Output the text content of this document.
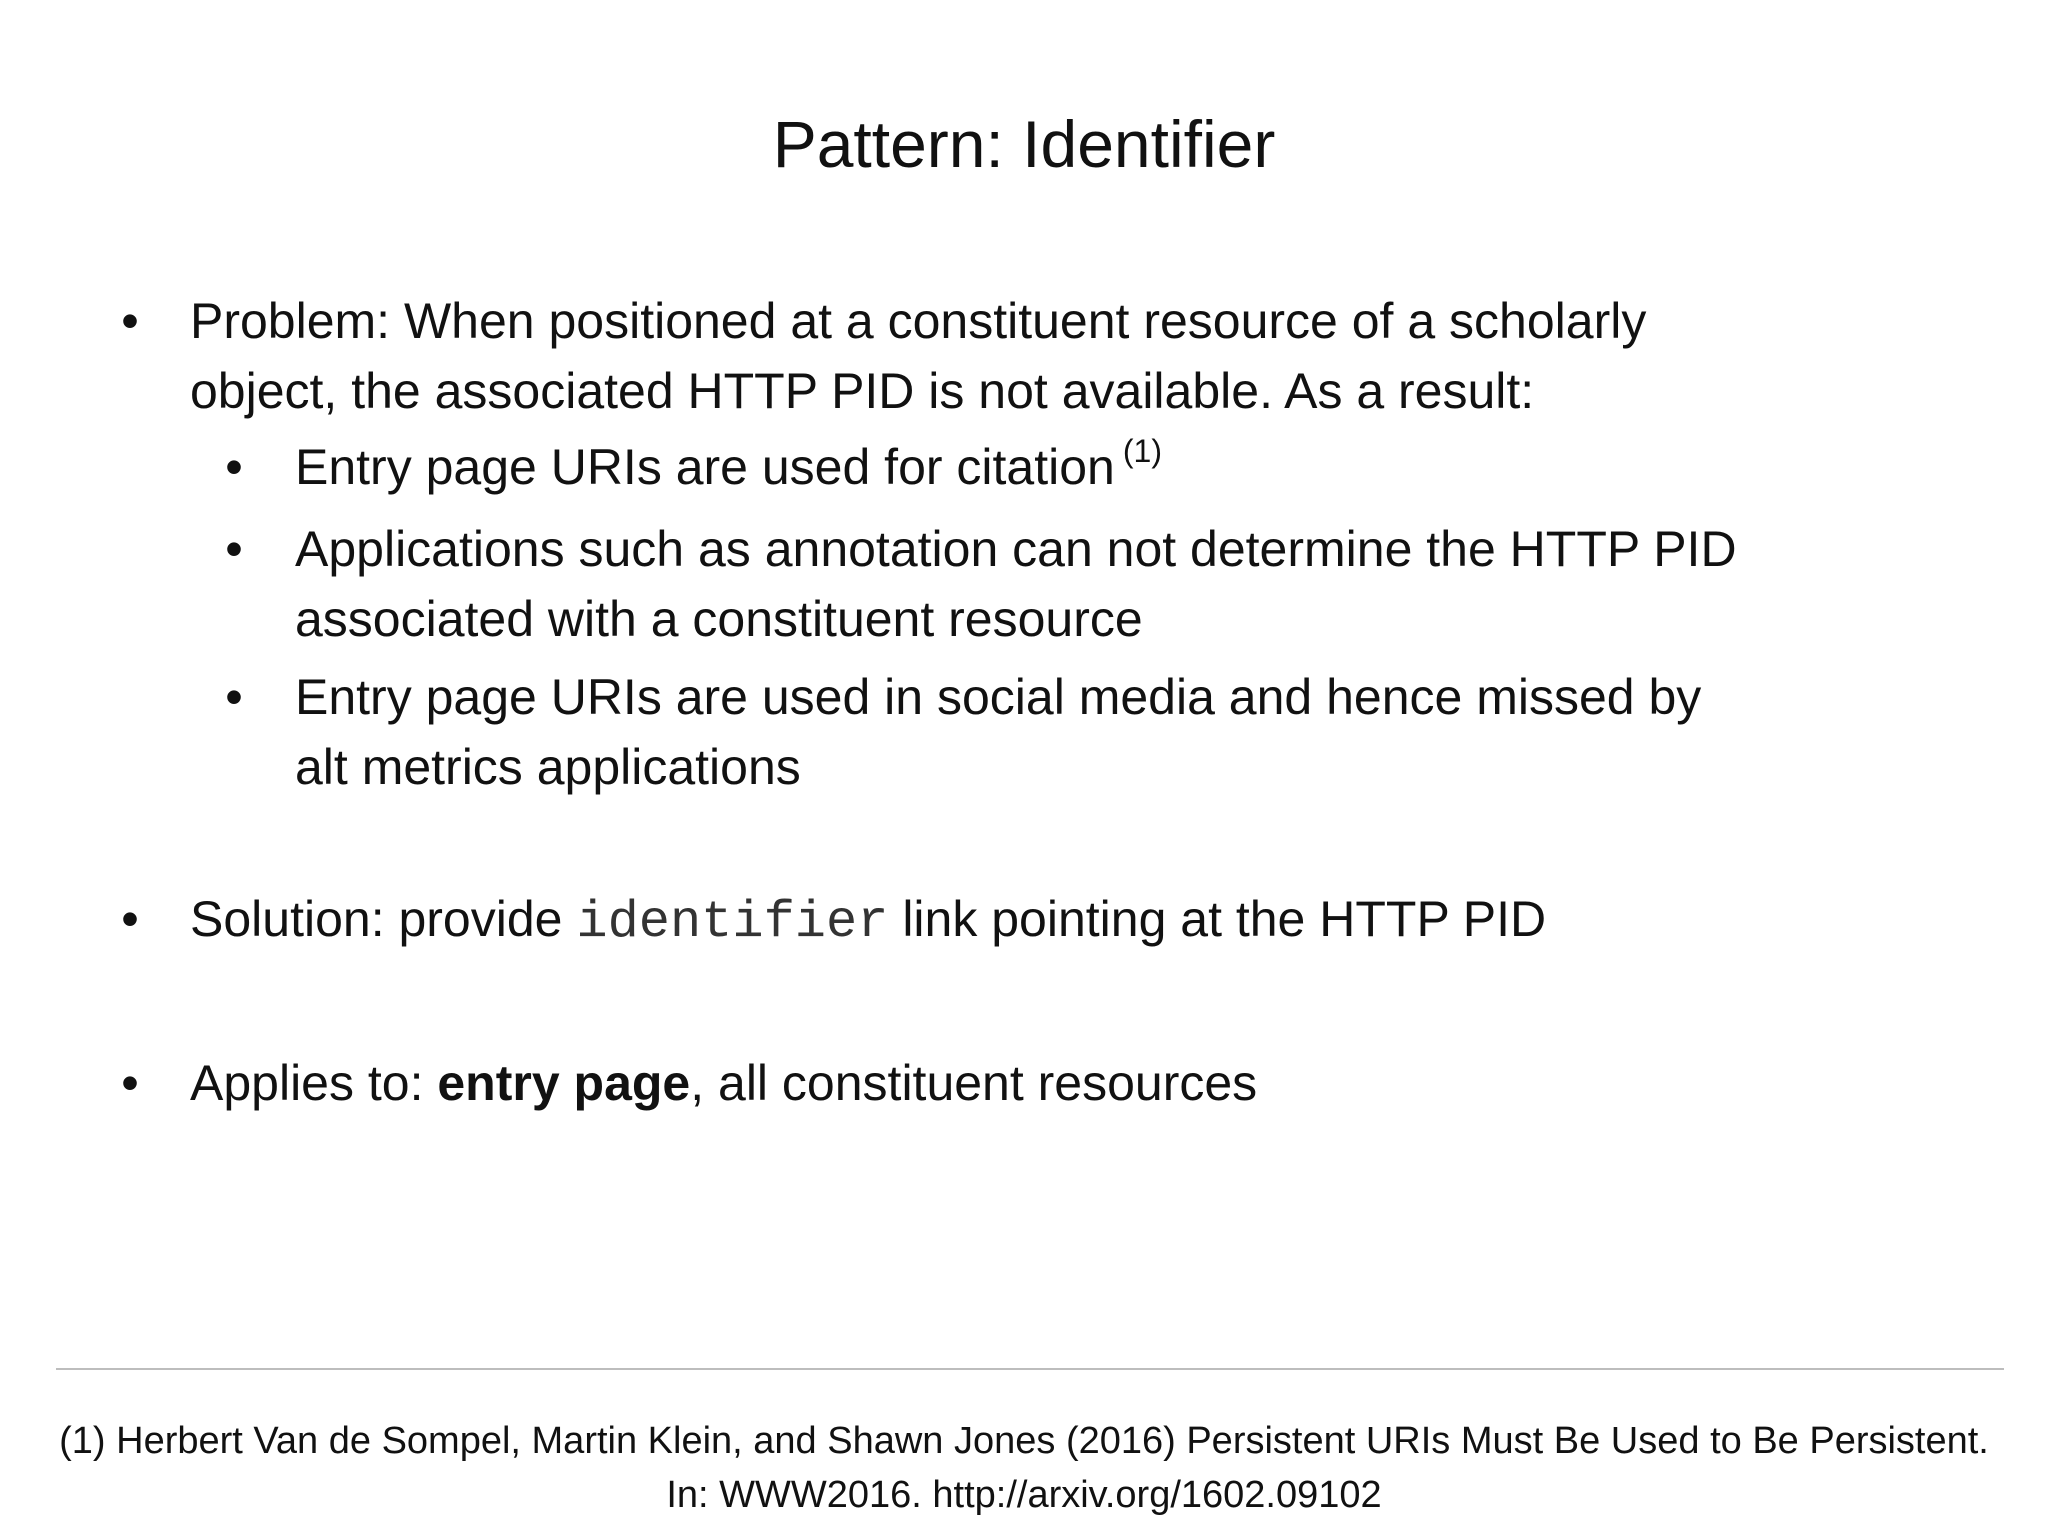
Pattern: Identifier
• Problem: When positioned at a constituent resource of a scholarly
object, the associated HTTP PID is not available. As a result:
• Entry page URIs are used for citation $^{(1)}$
• Applications such as annotation can not determine the HTTP PID
associated with a constituent resource
• Entry page URIs are used in social media and hence missed by
alt metrics applications
• Solution: provide identifier link pointing at the HTTP PID
• Applies to: entry page, all constituent resources
(1) Herbert Van de Sompel, Martin Klein, and Shawn Jones (2016) Persistent URIs Must Be Used to Be Persistent.
In: WWW2016. http://arxiv.org/1602.09102
